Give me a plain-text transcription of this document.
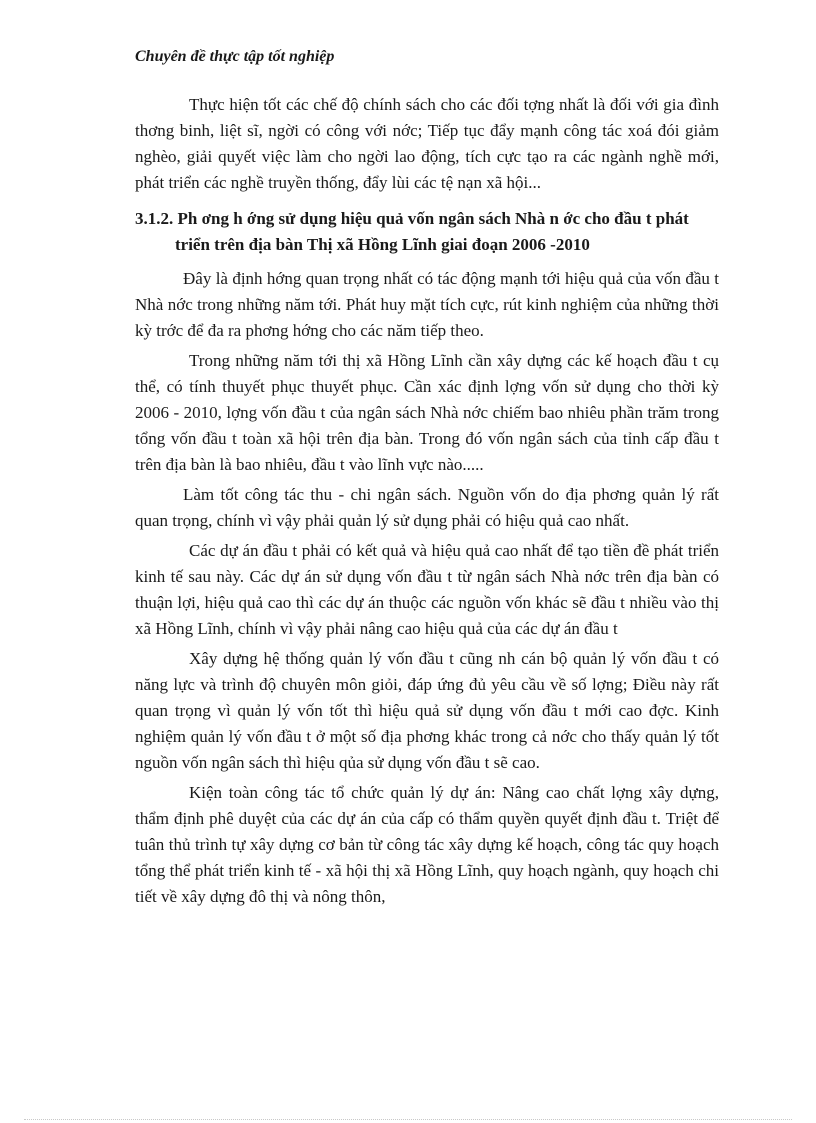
Chuyên đề thực tập tốt nghiệp

Thực hiện tốt các chế độ chính sách cho các đối tợng nhất là đối với gia đình thơng binh, liệt sĩ, ngời có công với nớc; Tiếp tục đẩy mạnh công tác xoá đói giảm nghèo, giải quyết việc làm cho ngời lao động, tích cực tạo ra các ngành nghề mới, phát triển các nghề truyền thống, đẩy lùi các tệ nạn xã hội...

3.1.2. Ph ơng h ớng sử dụng hiệu quả vốn ngân sách Nhà n ớc cho đầu t phát triển trên địa bàn Thị xã Hồng Lĩnh giai đoạn 2006 -2010

Đây là định hớng quan trọng nhất có tác động mạnh tới hiệu quả của vốn đầu t Nhà nớc trong những năm tới. Phát huy mặt tích cực, rút kinh nghiệm của những thời kỳ trớc để đa ra phơng hớng cho các năm tiếp theo.

Trong những năm tới thị xã Hồng Lĩnh cần xây dựng các kế hoạch đầu t cụ thể, có tính thuyết phục thuyết phục. Cần xác định lợng vốn sử dụng cho thời kỳ 2006 - 2010, lợng vốn đầu t của ngân sách Nhà nớc chiếm bao nhiêu phần trăm trong tổng vốn đầu t toàn xã hội trên địa bàn. Trong đó vốn ngân sách của tỉnh cấp đầu t trên địa bàn là bao nhiêu, đầu t vào lĩnh vực nào.....

Làm tốt công tác thu - chi ngân sách. Nguồn vốn do địa phơng quản lý rất quan trọng, chính vì vậy phải quản lý sử dụng phải có hiệu quả cao nhất.

Các dự án đầu t phải có kết quả và hiệu quả cao nhất để tạo tiền đề phát triển kinh tế sau này. Các dự án sử dụng vốn đầu t từ ngân sách Nhà nớc trên địa bàn có thuận lợi, hiệu quả cao thì các dự án thuộc các nguồn vốn khác sẽ đầu t nhiều vào thị xã Hồng Lĩnh, chính vì vậy phải nâng cao hiệu quả của các dự án đầu t

Xây dựng hệ thống quản lý vốn đầu t cũng nh cán bộ quản lý vốn đầu t có năng lực và trình độ chuyên môn giỏi, đáp ứng đủ yêu cầu về số lợng; Điều này rất quan trọng vì quản lý vốn tốt thì hiệu quả sử dụng vốn đầu t mới cao đợc. Kinh nghiệm quản lý vốn đầu t ở một số địa phơng khác trong cả nớc cho thấy quản lý tốt nguồn vốn ngân sách thì hiệu qủa sử dụng vốn đầu t sẽ cao.

Kiện toàn công tác tổ chức quản lý dự án: Nâng cao chất lợng xây dựng, thẩm định phê duyệt của các dự án của cấp có thẩm quyền quyết định đầu t. Triệt để tuân thủ trình tự xây dựng cơ bản từ công tác xây dựng kế hoạch, công tác quy hoạch tổng thể phát triển kinh tế - xã hội thị xã Hồng Lĩnh, quy hoạch ngành, quy hoạch chi tiết về xây dựng đô thị và nông thôn,
